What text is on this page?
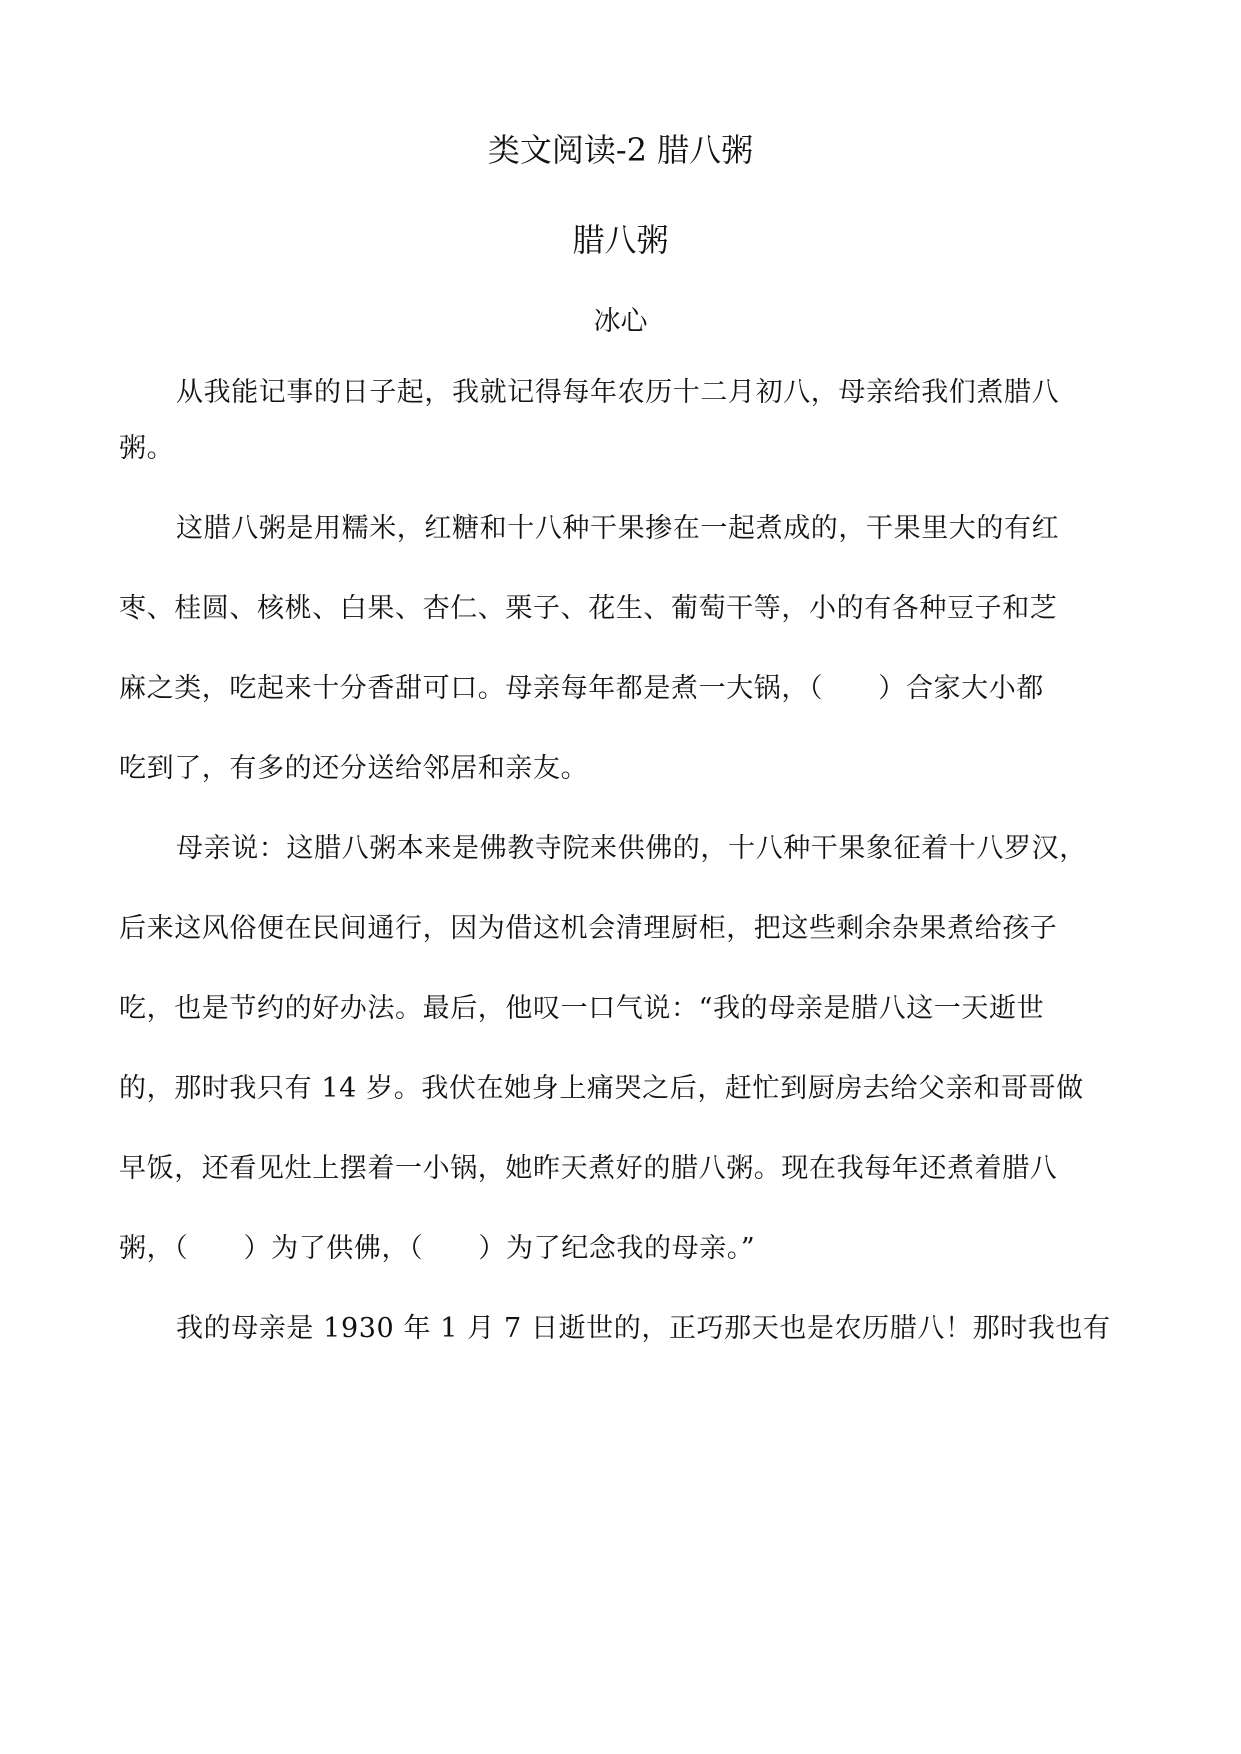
类文阅读-2 腊八粥
腊八粥
冰心
从我能记事的日子起，我就记得每年农历十二月初八，母亲给我们煮腊八
粥。
这腊八粥是用糯米，红糖和十八种干果掺在一起煮成的，干果里大的有红
枣、桂圆、核桃、白果、杏仁、栗子、花生、葡萄干等，小的有各种豆子和芝
麻之类，吃起来十分香甜可口。母亲每年都是煮一大锅，（　　）合家大小都
吃到了，有多的还分送给邻居和亲友。
母亲说：这腊八粥本来是佛教寺院来供佛的，十八种干果象征着十八罗汉，
后来这风俗便在民间通行，因为借这机会清理厨柜，把这些剩余杂果煮给孩子
吃，也是节约的好办法。最后，他叹一口气说：“我的母亲是腊八这一天逝世
的，那时我只有 14 岁。我伏在她身上痛哭之后，赶忙到厨房去给父亲和哥哥做
早饭，还看见灶上摆着一小锅，她昨天煮好的腊八粥。现在我每年还煮着腊八
粥，（　　）为了供佛，（　　）为了纪念我的母亲。”
我的母亲是 1930 年 1 月 7 日逝世的，正巧那天也是农历腊八！那时我也有
